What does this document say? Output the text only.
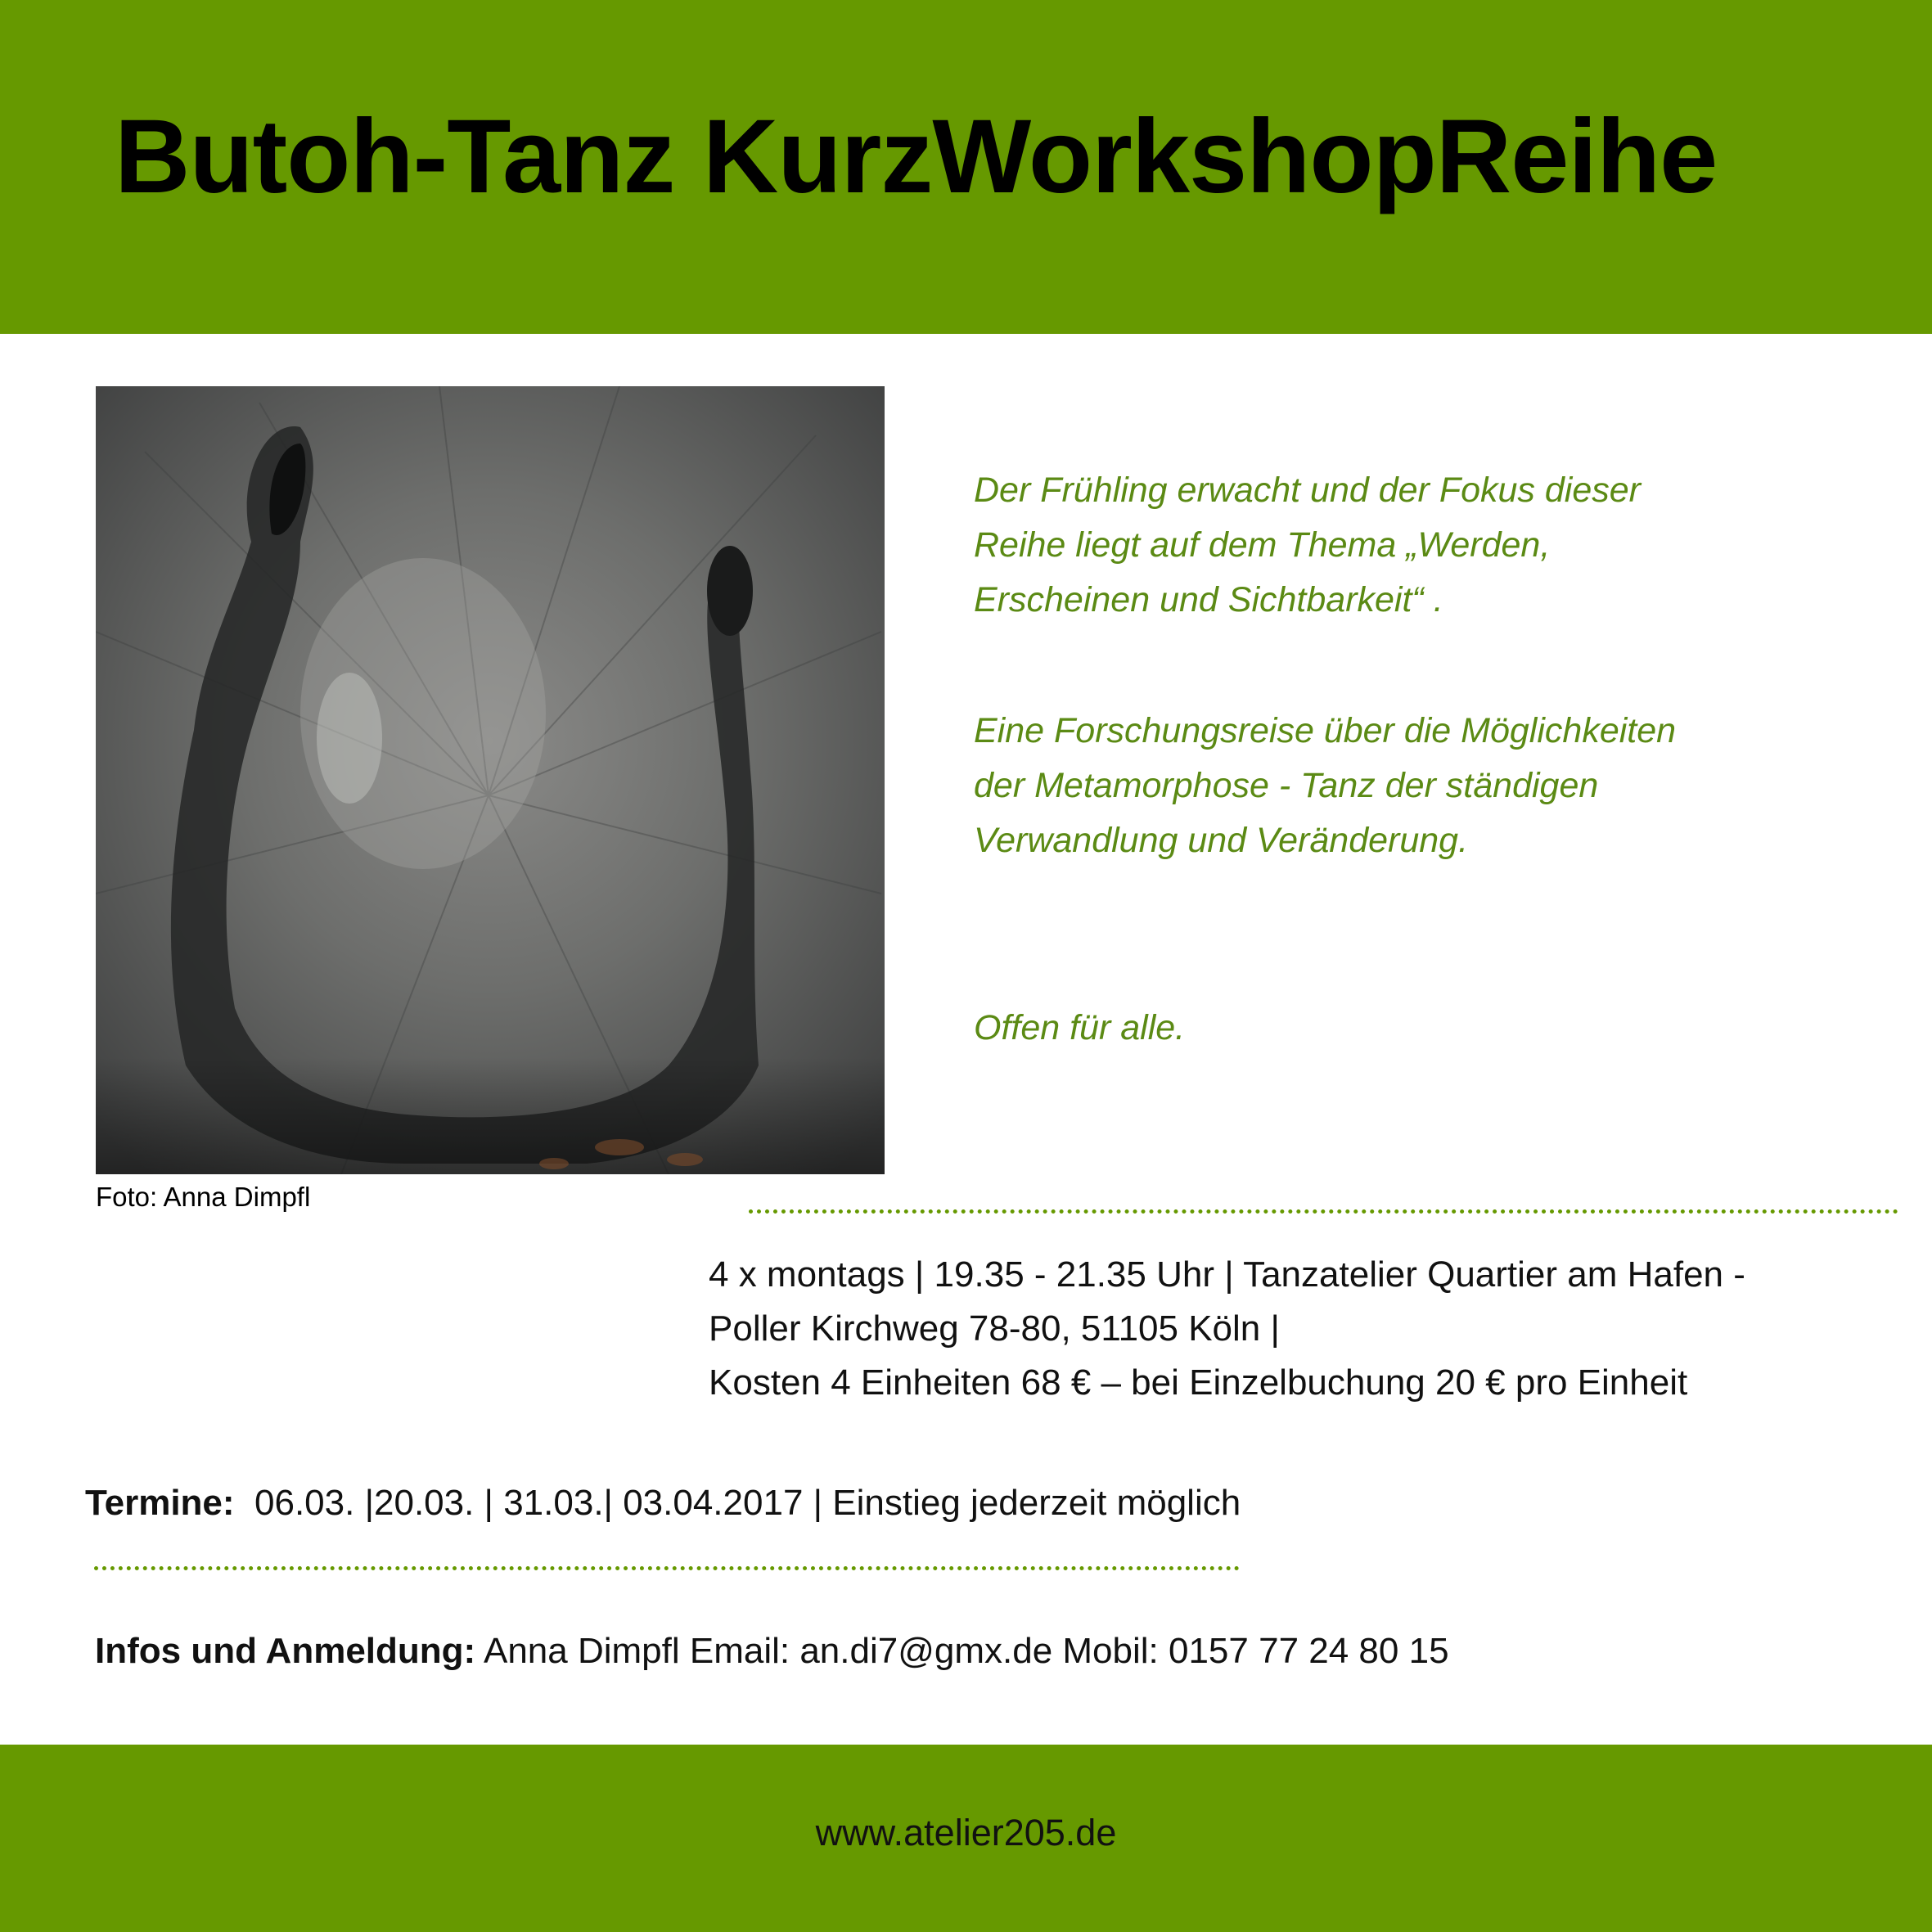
Butoh-Tanz KurzWorkshopReihe
Foto: Anna Dimpfl
Der Frühling erwacht und der Fokus dieser
Reihe liegt auf dem Thema „Werden,
Erscheinen und Sichtbarkeit“ .
Eine Forschungsreise über die Möglichkeiten
der Metamorphose - Tanz der ständigen
Verwandlung und Veränderung.
Offen für alle.
4 x montags | 19.35 - 21.35 Uhr | Tanzatelier Quartier am Hafen -
Poller Kirchweg 78-80, 51105 Köln |
Kosten 4 Einheiten 68 € – bei Einzelbuchung 20 € pro Einheit
Termine: 06.03. |20.03. | 31.03.| 03.04.2017 | Einstieg jederzeit möglich
Infos und Anmeldung: Anna Dimpfl Email: an.di7@gmx.de Mobil: 0157 77 24 80 15
www.atelier205.de
